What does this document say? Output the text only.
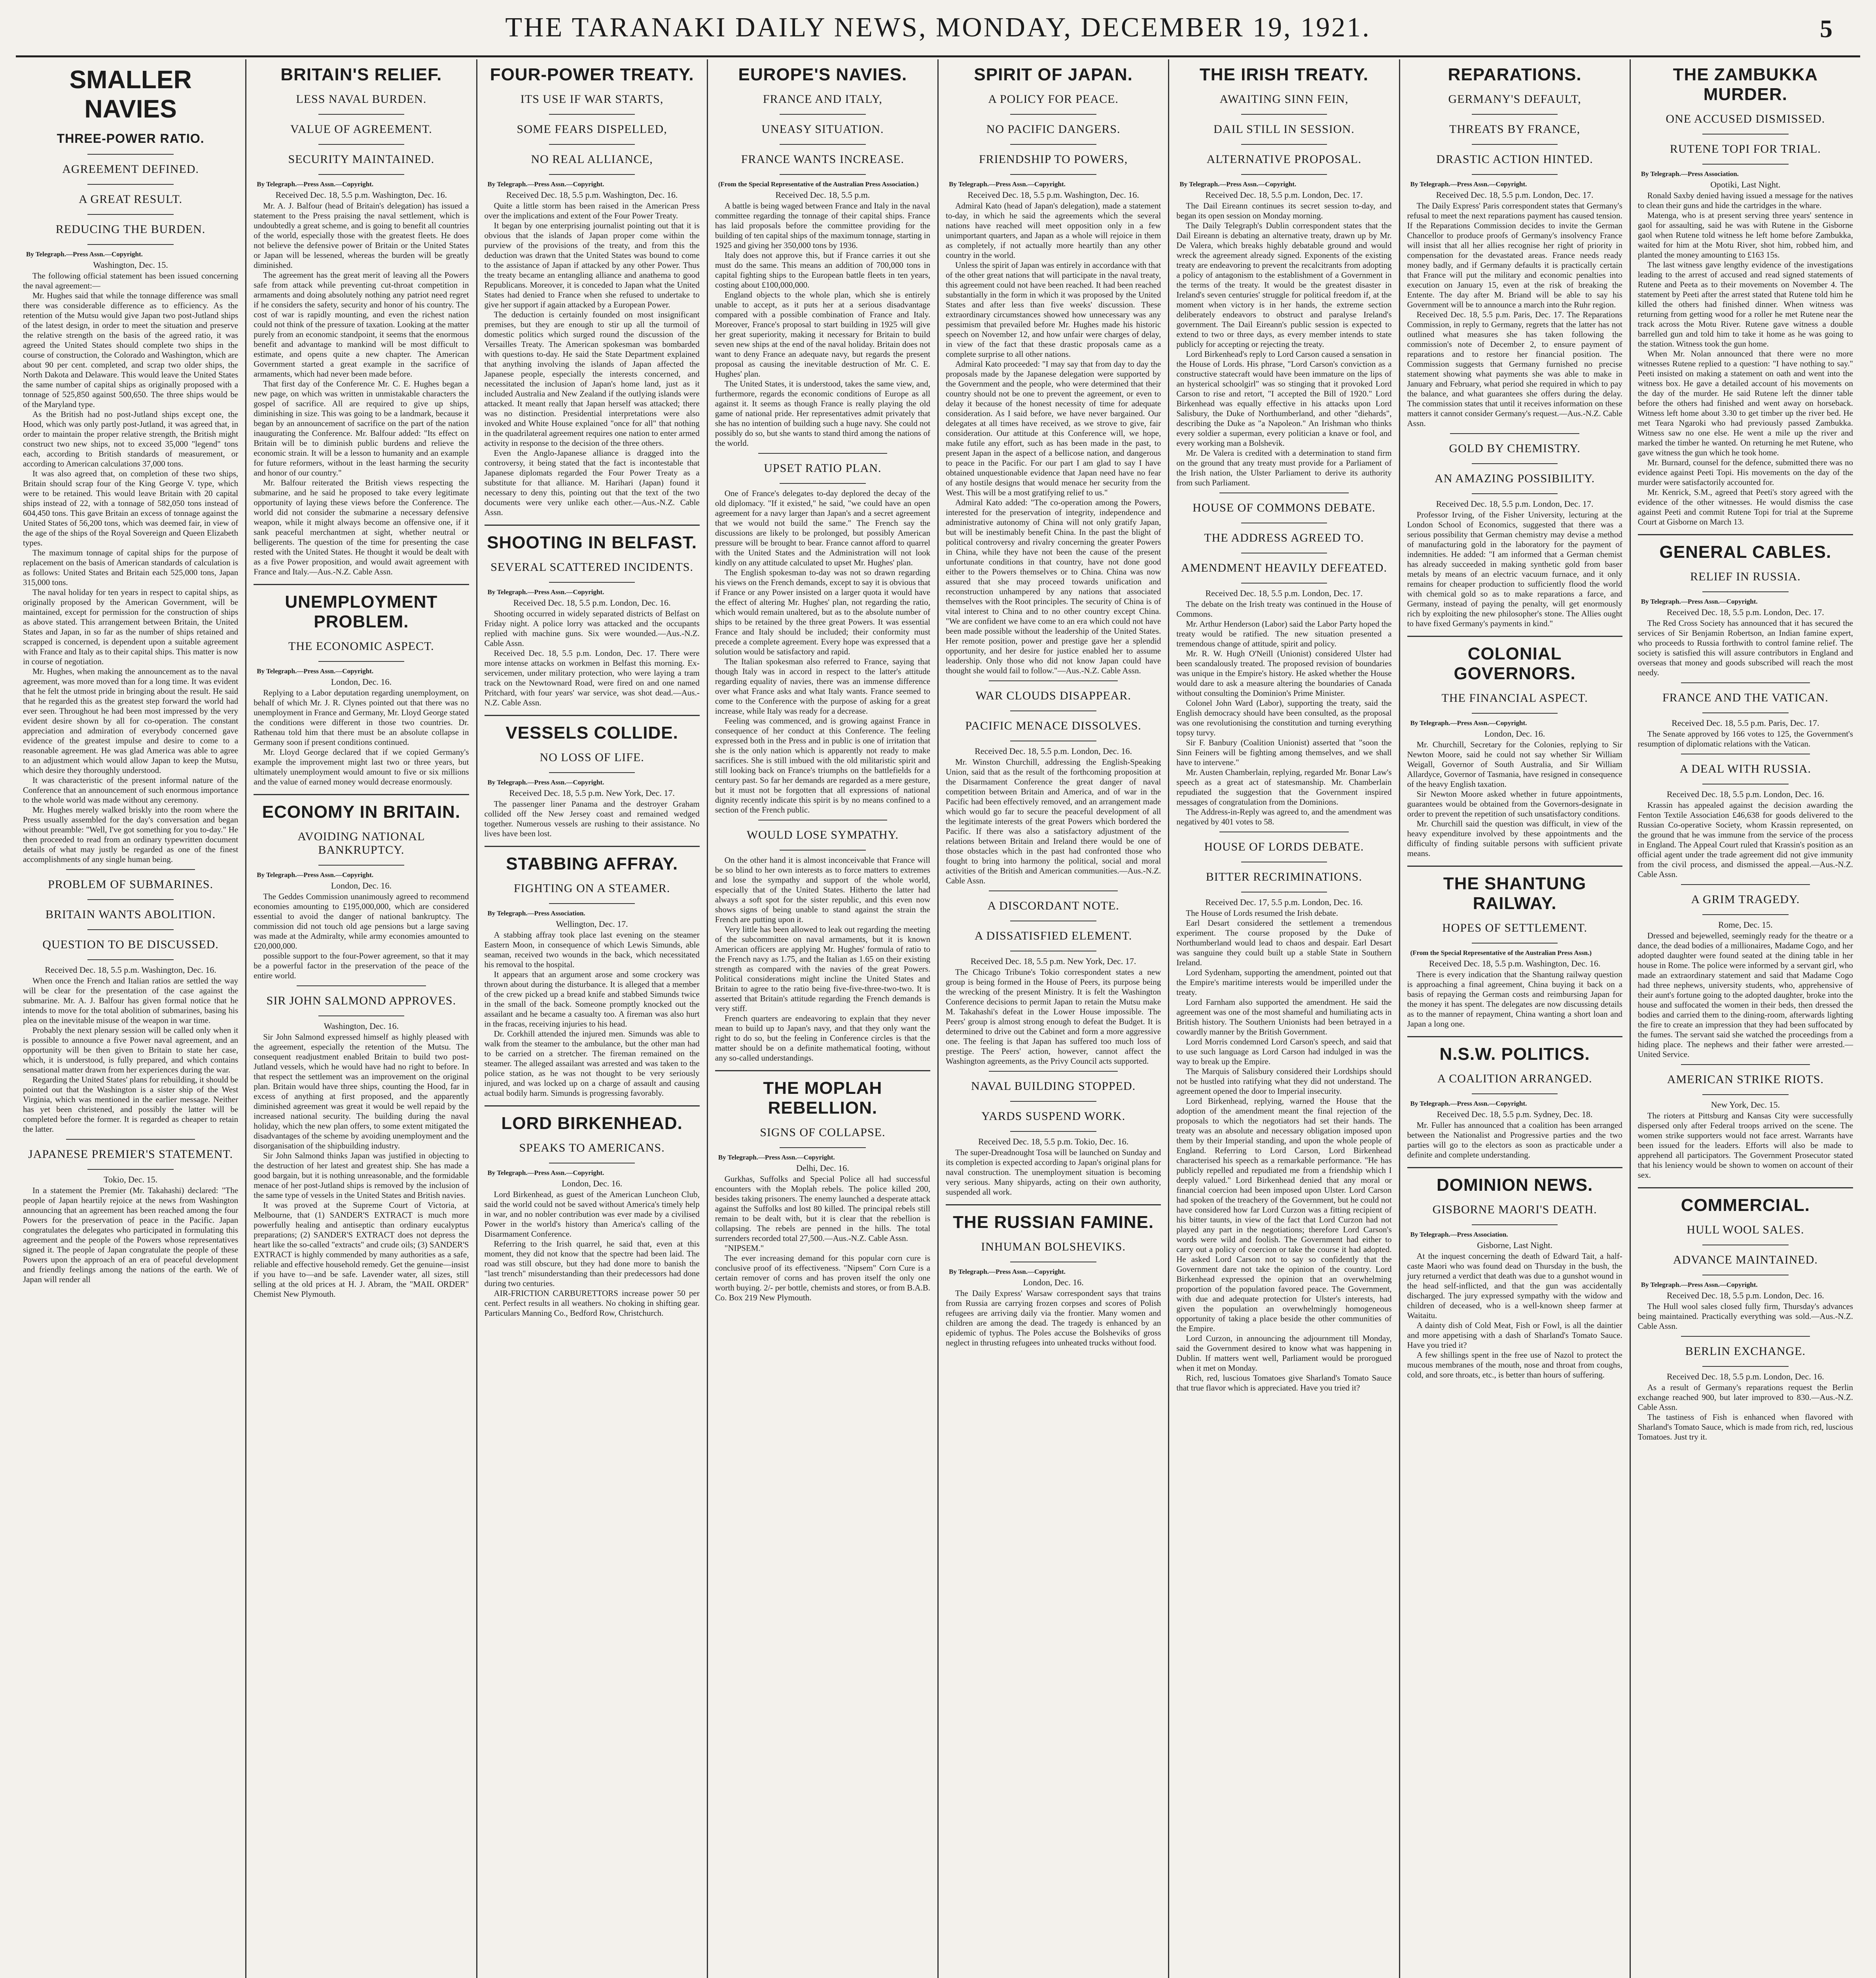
THE TARANAKI DAILY NEWS, MONDAY, DECEMBER 19, 1921.	5
SMALLER NAVIES
THREE-POWER RATIO.
AGREEMENT DEFINED.
A GREAT RESULT.
REDUCING THE BURDEN.
By Telegraph.—Press Assn.—Copyright.
Washington, Dec. 15.

The following official statement has been issued concerning the naval agreement:—

Mr. Hughes said that while the tonnage difference was small there was considerable difference as to efficiency. As the retention of the Mutsu would give Japan two post-Jutland ships of the latest design, in order to meet the situation and preserve the relative strength on the basis of the agreed ratio, it was agreed the United States should complete two ships in the course of construction, the Colorado and Washington, which are about 90 per cent. completed, and scrap two older ships, the North Dakota and Delaware. This would leave the United States the same number of capital ships as originally proposed with a tonnage of 525,850 against 500,650. The three ships would be of the Maryland type.

As the British had no post-Jutland ships except one, the Hood, which was only partly post-Jutland, it was agreed that, in order to maintain the proper relative strength, the British might construct two new ships, not to exceed 35,000 "legend" tons each, according to British standards of measurement, or according to American calculations 37,000 tons.

It was also agreed that, on completion of these two ships, Britain should scrap four of the King George V. type, which were to be retained. This would leave Britain with 20 capital ships instead of 22, with a tonnage of 582,050 tons instead of 604,450 tons. This gave Britain an excess of tonnage against the United States of 56,200 tons, which was deemed fair, in view of the age of the ships of the Royal Sovereign and Queen Elizabeth types.

The maximum tonnage of capital ships for the purpose of replacement on the basis of American standards of calculation is as follows: United States and Britain each 525,000 tons, Japan 315,000 tons.

The naval holiday for ten years in respect to capital ships, as originally proposed by the American Government, will be maintained, except for permission for the construction of ships as above stated. This arrangement between Britain, the United States and Japan, in so far as the number of ships retained and scrapped is concerned, is dependent upon a suitable agreement with France and Italy as to their capital ships. This matter is now in course of negotiation.

Mr. Hughes, when making the announcement as to the naval agreement, was more moved than for a long time. It was evident that he felt the utmost pride in bringing about the result. He said that he regarded this as the greatest step forward the world had ever seen. Throughout he had been most impressed by the very evident desire shown by all for co-operation. The constant appreciation and admiration of everybody concerned gave evidence of the greatest impulse and desire to come to a reasonable agreement. He was glad America was able to agree to an adjustment which would allow Japan to keep the Mutsu, which desire they thoroughly understood.

It was characteristic of the present informal nature of the Conference that an announcement of such enormous importance to the whole world was made without any ceremony.

Mr. Hughes merely walked briskly into the room where the Press usually assembled for the day's conversation and began without preamble: "Well, I've got something for you to-day." He then proceeded to read from an ordinary typewritten document details of what may justly be regarded as one of the finest accomplishments of any single human being.

PROBLEM OF SUBMARINES.
BRITAIN WANTS ABOLITION.
QUESTION TO BE DISCUSSED.
Received Dec. 18, 5.5 p.m. Washington, Dec. 16.

When once the French and Italian ratios are settled the way will be clear for the presentation of the case against the submarine. Mr. A. J. Balfour has given formal notice that he intends to move for the total abolition of submarines, basing his plea on the inevitable misuse of the weapon in war time.

Probably the next plenary session will be called only when it is possible to announce a five Power naval agreement, and an opportunity will be then given to Britain to state her case, which, it is understood, is fully prepared, and which contains sensational matter drawn from her experiences during the war.

Regarding the United States' plans for rebuilding, it should be pointed out that the Washington is a sister ship of the West Virginia, which was mentioned in the earlier message. Neither has yet been christened, and possibly the latter will be completed before the former. It is regarded as cheaper to retain the latter.

JAPANESE PREMIER'S STATEMENT.
Tokio, Dec. 15.

In a statement the Premier (Mr. Takahashi) declared: "The people of Japan heartily rejoice at the news from Washington announcing that an agreement has been reached among the four Powers for the preservation of peace in the Pacific. Japan congratulates the delegates who participated in formulating this agreement and the people of the Powers whose representatives signed it. The people of Japan congratulate the people of these Powers upon the approach of an era of peaceful development and friendly feelings among the nations of the earth. We of Japan will render all

BRITAIN'S RELIEF.
LESS NAVAL BURDEN.
VALUE OF AGREEMENT.
SECURITY MAINTAINED.
By Telegraph.—Press Assn.—Copyright.
Received Dec. 18, 5.5 p.m. Washington, Dec. 16.

Mr. A. J. Balfour (head of Britain's delegation) has issued a statement to the Press praising the naval settlement, which is undoubtedly a great scheme, and is going to benefit all countries of the world, especially those with the greatest fleets. He does not believe the defensive power of Britain or the United States or Japan will be lessened, whereas the burden will be greatly diminished.

The agreement has the great merit of leaving all the Powers safe from attack while preventing cut-throat competition in armaments and doing absolutely nothing any patriot need regret if he considers the safety, security and honor of his country. The cost of war is rapidly mounting, and even the richest nation could not think of the pressure of taxation. Looking at the matter purely from an economic standpoint, it seems that the enormous benefit and advantage to mankind will be most difficult to estimate, and opens quite a new chapter. The American Government started a great example in the sacrifice of armaments, which had never been made before.

That first day of the Conference Mr. C. E. Hughes began a new page, on which was written in unmistakable characters the gospel of sacrifice. All are required to give up ships, diminishing in size. This was going to be a landmark, because it began by an announcement of sacrifice on the part of the nation inaugurating the Conference. Mr. Balfour added: "Its effect on Britain will be to diminish public burdens and relieve the economic strain. It will be a lesson to humanity and an example for future reformers, without in the least harming the security and honor of our country."

Mr. Balfour reiterated the British views respecting the submarine, and he said he proposed to take every legitimate opportunity of laying these views before the Conference. The world did not consider the submarine a necessary defensive weapon, while it might always become an offensive one, if it sank peaceful merchantmen at sight, whether neutral or belligerents. The question of the time for presenting the case rested with the United States. He thought it would be dealt with as a five Power proposition, and would await agreement with France and Italy.—Aus.-N.Z. Cable Assn.

UNEMPLOYMENT PROBLEM.
THE ECONOMIC ASPECT.
By Telegraph.—Press Assn.—Copyright.
London, Dec. 16.

Replying to a Labor deputation regarding unemployment, on behalf of which Mr. J. R. Clynes pointed out that there was no unemployment in France and Germany, Mr. Lloyd George stated the conditions were different in those two countries. Dr. Rathenau told him that there must be an absolute collapse in Germany soon if present conditions continued.

Mr. Lloyd George declared that if we copied Germany's example the improvement might last two or three years, but ultimately unemployment would amount to five or six millions and the value of earned money would decrease enormously.

ECONOMY IN BRITAIN.
AVOIDING NATIONAL BANKRUPTCY.
By Telegraph.—Press Assn.—Copyright.
London, Dec. 16.

The Geddes Commission unanimously agreed to recommend economies amounting to £195,000,000, which are considered essential to avoid the danger of national bankruptcy. The commission did not touch old age pensions but a large saving was made at the Admiralty, while army economies amounted to £20,000,000.

possible support to the four-Power agreement, so that it may be a powerful factor in the preservation of the peace of the entire world.

SIR JOHN SALMOND APPROVES.
Washington, Dec. 16.

Sir John Salmond expressed himself as highly pleased with the agreement, especially the retention of the Mutsu. The consequent readjustment enabled Britain to build two post-Jutland vessels, which he would have had no right to before. In that respect the settlement was an improvement on the original plan. Britain would have three ships, counting the Hood, far in excess of anything at first proposed, and the apparently diminished agreement was great it would be well repaid by the increased national security. The building during the naval holiday, which the new plan offers, to some extent mitigated the disadvantages of the scheme by avoiding unemployment and the disorganisation of the shipbuilding industry.

Sir John Salmond thinks Japan was justified in objecting to the destruction of her latest and greatest ship. She has made a good bargain, but it is nothing unreasonable, and the formidable menace of her post-Jutland ships is removed by the inclusion of the same type of vessels in the United States and British navies.

It was proved at the Supreme Court of Victoria, at Melbourne, that (1) SANDER'S EXTRACT is much more powerfully healing and antiseptic than ordinary eucalyptus preparations; (2) SANDER'S EXTRACT does not depress the heart like the so-called "extracts" and crude oils; (3) SANDER'S EXTRACT is highly commended by many authorities as a safe, reliable and effective household remedy. Get the genuine—insist if you have to—and be safe. Lavender water, all sizes, still selling at the old prices at H. J. Abram, the "MAIL ORDER" Chemist New Plymouth.

FOUR-POWER TREATY.
ITS USE IF WAR STARTS,
SOME FEARS DISPELLED,
NO REAL ALLIANCE,
By Telegraph.—Press Assn.—Copyright.
Received Dec. 18, 5.5 p.m. Washington, Dec. 16.

Quite a little storm has been raised in the American Press over the implications and extent of the Four Power Treaty.

It began by one enterprising journalist pointing out that it is obvious that the islands of Japan proper come within the purview of the provisions of the treaty, and from this the deduction was drawn that the United States was bound to come to the assistance of Japan if attacked by any other Power. Thus the treaty became an entangling alliance and anathema to good Republicans. Moreover, it is conceded to Japan what the United States had denied to France when she refused to undertake to give her support if again attacked by a European Power.

The deduction is certainly founded on most insignificant premises, but they are enough to stir up all the turmoil of domestic politics which surged round the discussion of the Versailles Treaty. The American spokesman was bombarded with questions to-day. He said the State Department explained that anything involving the islands of Japan affected the Japanese people, especially the interests concerned, and necessitated the inclusion of Japan's home land, just as it included Australia and New Zealand if the outlying islands were attacked. It meant really that Japan herself was attacked; there was no distinction. Presidential interpretations were also invoked and White House explained "once for all" that nothing in the quadrilateral agreement requires one nation to enter armed activity in response to the decision of the three others.

Even the Anglo-Japanese alliance is dragged into the controversy, it being stated that the fact is incontestable that Japanese diplomats regarded the Four Power Treaty as a substitute for that alliance. M. Harihari (Japan) found it necessary to deny this, pointing out that the text of the two documents were very unlike each other.—Aus.-N.Z. Cable Assn.

SHOOTING IN BELFAST.
SEVERAL SCATTERED INCIDENTS.
By Telegraph.—Press Assn.—Copyright.
Received Dec. 18, 5.5 p.m. London, Dec. 16.

Shooting occurred in widely separated districts of Belfast on Friday night. A police lorry was attacked and the occupants replied with machine guns. Six were wounded.—Aus.-N.Z. Cable Assn.

Received Dec. 18, 5.5 p.m. London, Dec. 17. There were more intense attacks on workmen in Belfast this morning. Ex-servicemen, under military protection, who were laying a tram track on the Newtownard Road, were fired on and one named Pritchard, with four years' war service, was shot dead.—Aus.-N.Z. Cable Assn.

VESSELS COLLIDE.
NO LOSS OF LIFE.
By Telegraph.—Press Assn.—Copyright.
Received Dec. 18, 5.5 p.m. New York, Dec. 17.

The passenger liner Panama and the destroyer Graham collided off the New Jersey coast and remained wedged together. Numerous vessels are rushing to their assistance. No lives have been lost.

STABBING AFFRAY.
FIGHTING ON A STEAMER.
By Telegraph.—Press Association.
Wellington, Dec. 17.

A stabbing affray took place last evening on the steamer Eastern Moon, in consequence of which Lewis Simunds, able seaman, received two wounds in the back, which necessitated his removal to the hospital.

It appears that an argument arose and some crockery was thrown about during the disturbance. It is alleged that a member of the crew picked up a bread knife and stabbed Simunds twice in the small of the back. Someone promptly knocked out the assailant and he became a casualty too. A fireman was also hurt in the fracas, receiving injuries to his head.

Dr. Corkhill attended the injured men. Simunds was able to walk from the steamer to the ambulance, but the other man had to be carried on a stretcher. The fireman remained on the steamer. The alleged assailant was arrested and was taken to the police station, as he was not thought to be very seriously injured, and was locked up on a charge of assault and causing actual bodily harm. Simunds is progressing favorably.

LORD BIRKENHEAD.
SPEAKS TO AMERICANS.
By Telegraph.—Press Assn.—Copyright.
London, Dec. 16.

Lord Birkenhead, as guest of the American Luncheon Club, said the world could not be saved without America's timely help in war, and no nobler contribution was ever made by a civilised Power in the world's history than America's calling of the Disarmament Conference.

Referring to the Irish quarrel, he said that, even at this moment, they did not know that the spectre had been laid. The road was still obscure, but they had done more to banish the "last trench" misunderstanding than their predecessors had done during two centuries.

AIR-FRICTION CARBURETTORS increase power 50 per cent. Perfect results in all weathers. No choking in shifting gear. Particulars Manning Co., Bedford Row, Christchurch.

EUROPE'S NAVIES.
FRANCE AND ITALY,
UNEASY SITUATION.
FRANCE WANTS INCREASE.
(From the Special Representative of the Australian Press Association.)
Received Dec. 18, 5.5 p.m.

A battle is being waged between France and Italy in the naval committee regarding the tonnage of their capital ships. France has laid proposals before the committee providing for the building of ten capital ships of the maximum tonnage, starting in 1925 and giving her 350,000 tons by 1936.

Italy does not approve this, but if France carries it out she must do the same. This means an addition of 700,000 tons in capital fighting ships to the European battle fleets in ten years, costing about £100,000,000.

England objects to the whole plan, which she is entirely unable to accept, as it puts her at a serious disadvantage compared with a possible combination of France and Italy. Moreover, France's proposal to start building in 1925 will give her great superiority, making it necessary for Britain to build seven new ships at the end of the naval holiday. Britain does not want to deny France an adequate navy, but regards the present proposal as causing the inevitable destruction of Mr. C. E. Hughes' plan.

The United States, it is understood, takes the same view, and, furthermore, regards the economic conditions of Europe as all against it. It seems as though France is really playing the old game of national pride. Her representatives admit privately that she has no intention of building such a huge navy. She could not possibly do so, but she wants to stand third among the nations of the world.

UPSET RATIO PLAN.

One of France's delegates to-day deplored the decay of the old diplomacy. "If it existed," he said, "we could have an open agreement for a navy larger than Japan's and a secret agreement that we would not build the same." The French say the discussions are likely to be prolonged, but possibly American pressure will be brought to bear. France cannot afford to quarrel with the United States and the Administration will not look kindly on any attitude calculated to upset Mr. Hughes' plan.

The English spokesman to-day was not so drawn regarding his views on the French demands, except to say it is obvious that if France or any Power insisted on a larger quota it would have the effect of altering Mr. Hughes' plan, not regarding the ratio, which would remain unaltered, but as to the absolute number of ships to be retained by the three great Powers. It was essential France and Italy should be included; their conformity must precede a complete agreement. Every hope was expressed that a solution would be satisfactory and rapid.

The Italian spokesman also referred to France, saying that though Italy was in accord in respect to the latter's attitude regarding equality of navies, there was an immense difference over what France asks and what Italy wants. France seemed to come to the Conference with the purpose of asking for a great increase, while Italy was ready for a decrease.

Feeling was commenced, and is growing against France in consequence of her conduct at this Conference. The feeling expressed both in the Press and in public is one of irritation that she is the only nation which is apparently not ready to make sacrifices. She is still imbued with the old militaristic spirit and still looking back on France's triumphs on the battlefields for a century past. So far her demands are regarded as a mere gesture, but it must not be forgotten that all expressions of national dignity recently indicate this spirit is by no means confined to a section of the French public.

WOULD LOSE SYMPATHY.

On the other hand it is almost inconceivable that France will be so blind to her own interests as to force matters to extremes and lose the sympathy and support of the whole world, especially that of the United States. Hitherto the latter had always a soft spot for the sister republic, and this even now shows signs of being unable to stand against the strain the French are putting upon it.

Very little has been allowed to leak out regarding the meeting of the subcommittee on naval armaments, but it is known American officers are applying Mr. Hughes' formula of ratio to the French navy as 1.75, and the Italian as 1.65 on their existing strength as compared with the navies of the great Powers. Political considerations might incline the United States and Britain to agree to the ratio being five-five-three-two-two. It is asserted that Britain's attitude regarding the French demands is very stiff.

French quarters are endeavoring to explain that they never mean to build up to Japan's navy, and that they only want the right to do so, but the feeling in Conference circles is that the matter should be on a definite mathematical footing, without any so-called understandings.

THE MOPLAH REBELLION.
SIGNS OF COLLAPSE.
By Telegraph.—Press Assn.—Copyright.
Delhi, Dec. 16.

Gurkhas, Suffolks and Special Police all had successful encounters with the Moplah rebels. The police killed 200, besides taking prisoners. The enemy launched a desperate attack against the Suffolks and lost 80 killed. The principal rebels still remain to be dealt with, but it is clear that the rebellion is collapsing. The rebels are penned in the hills. The total surrenders recorded total 27,500.—Aus.-N.Z. Cable Assn.

"NIPSEM."

The ever increasing demand for this popular corn cure is conclusive proof of its effectiveness. "Nipsem" Corn Cure is a certain remover of corns and has proven itself the only one worth buying. 2/- per bottle, chemists and stores, or from B.A.B. Co. Box 219 New Plymouth.

SPIRIT OF JAPAN.
A POLICY FOR PEACE.
NO PACIFIC DANGERS.
FRIENDSHIP TO POWERS,
By Telegraph.—Press Assn.—Copyright.
Received Dec. 18, 5.5 p.m. Washington, Dec. 16.

Admiral Kato (head of Japan's delegation), made a statement to-day, in which he said the agreements which the several nations have reached will meet opposition only in a few unimportant quarters, and Japan as a whole will rejoice in them as completely, if not actually more heartily than any other country in the world.

Unless the spirit of Japan was entirely in accordance with that of the other great nations that will participate in the naval treaty, this agreement could not have been reached. It had been reached substantially in the form in which it was proposed by the United States and after less than five weeks' discussion. These extraordinary circumstances showed how unnecessary was any pessimism that prevailed before Mr. Hughes made his historic speech on November 12, and how unfair were charges of delay, in view of the fact that these drastic proposals came as a complete surprise to all other nations.

Admiral Kato proceeded: "I may say that from day to day the proposals made by the Japanese delegation were supported by the Government and the people, who were determined that their country should not be one to prevent the agreement, or even to delay it because of the honest necessity of time for adequate consideration. As I said before, we have never bargained. Our delegates at all times have received, as we strove to give, fair consideration. Our attitude at this Conference will, we hope, make futile any effort, such as has been made in the past, to present Japan in the aspect of a bellicose nation, and dangerous to peace in the Pacific. For our part I am glad to say I have obtained unquestionable evidence that Japan need have no fear of any hostile designs that would menace her security from the West. This will be a most gratifying relief to us."

Admiral Kato added: "The co-operation among the Powers, interested for the preservation of integrity, independence and administrative autonomy of China will not only gratify Japan, but will be inestimably benefit China. In the past the blight of political controversy and rivalry concerning the greater Powers in China, while they have not been the cause of the present unfortunate conditions in that country, have not done good either to the Powers themselves or to China. China was now assured that she may proceed towards unification and reconstruction unhampered by any nations that associated themselves with the Root principles. The security of China is of vital interest to China and to no other country except China. "We are confident we have come to an era which could not have been made possible without the leadership of the United States. Her remote position, power and prestige gave her a splendid opportunity, and her desire for justice enabled her to assume leadership. Only those who did not know Japan could have thought she would fail to follow."—Aus.-N.Z. Cable Assn.

WAR CLOUDS DISAPPEAR.
PACIFIC MENACE DISSOLVES.
Received Dec. 18, 5.5 p.m. London, Dec. 16.

Mr. Winston Churchill, addressing the English-Speaking Union, said that as the result of the forthcoming proposition at the Disarmament Conference the great danger of naval competition between Britain and America, and of war in the Pacific had been effectively removed, and an arrangement made which would go far to secure the peaceful development of all the legitimate interests of the great Powers which bordered the Pacific. If there was also a satisfactory adjustment of the relations between Britain and Ireland there would be one of those obstacles which in the past had confronted those who fought to bring into harmony the political, social and moral activities of the British and American communities.—Aus.-N.Z. Cable Assn.

A DISCORDANT NOTE.
A DISSATISFIED ELEMENT.
Received Dec. 18, 5.5 p.m. New York, Dec. 17.

The Chicago Tribune's Tokio correspondent states a new group is being formed in the House of Peers, its purpose being the wrecking of the present Ministry. It is felt the Washington Conference decisions to permit Japan to retain the Mutsu make M. Takahashi's defeat in the Lower House impossible. The Peers' group is almost strong enough to defeat the Budget. It is determined to drive out the Cabinet and form a more aggressive one. The feeling is that Japan has suffered too much loss of prestige. The Peers' action, however, cannot affect the Washington agreements, as the Privy Council acts supported.

NAVAL BUILDING STOPPED.
YARDS SUSPEND WORK.
Received Dec. 18, 5.5 p.m. Tokio, Dec. 16.

The super-Dreadnought Tosa will be launched on Sunday and its completion is expected according to Japan's original plans for naval construction. The unemployment situation is becoming very serious. Many shipyards, acting on their own authority, suspended all work.

THE RUSSIAN FAMINE.
INHUMAN BOLSHEVIKS.
By Telegraph.—Press Assn.—Copyright.
London, Dec. 16.

The Daily Express' Warsaw correspondent says that trains from Russia are carrying frozen corpses and scores of Polish refugees are arriving daily via the frontier. Many women and children are among the dead. The tragedy is enhanced by an epidemic of typhus. The Poles accuse the Bolsheviks of gross neglect in thrusting refugees into unheated trucks without food.

THE IRISH TREATY.
AWAITING SINN FEIN,
DAIL STILL IN SESSION.
ALTERNATIVE PROPOSAL.
By Telegraph.—Press Assn.—Copyright.
Received Dec. 18, 5.5 p.m. London, Dec. 17.

The Dail Eireann continues its secret session to-day, and began its open session on Monday morning.

The Daily Telegraph's Dublin correspondent states that the Dail Eireann is debating an alternative treaty, drawn up by Mr. De Valera, which breaks highly debatable ground and would wreck the agreement already signed. Exponents of the existing treaty are endeavoring to prevent the recalcitrants from adopting a policy of antagonism to the establishment of a Government in the terms of the treaty. It would be the greatest disaster in Ireland's seven centuries' struggle for political freedom if, at the moment when victory is in her hands, the extreme section deliberately endeavors to obstruct and paralyse Ireland's government. The Dail Eireann's public session is expected to extend to two or three days, as every member intends to state publicly for accepting or rejecting the treaty.

Lord Birkenhead's reply to Lord Carson caused a sensation in the House of Lords. His phrase, "Lord Carson's conviction as a constructive statecraft would have been immature on the lips of an hysterical schoolgirl" was so stinging that it provoked Lord Carson to rise and retort, "I accepted the Bill of 1920." Lord Birkenhead was equally effective in his attacks upon Lord Salisbury, the Duke of Northumberland, and other "diehards", describing the Duke as "a Napoleon." An Irishman who thinks every soldier a superman, every politician a knave or fool, and every working man a Bolshevik.

Mr. De Valera is credited with a determination to stand firm on the ground that any treaty must provide for a Parliament of the Irish nation, the Ulster Parliament to derive its authority from such Parliament.

HOUSE OF COMMONS DEBATE.
THE ADDRESS AGREED TO.
AMENDMENT HEAVILY DEFEATED.
Received Dec. 18, 5.5 p.m. London, Dec. 17.

The debate on the Irish treaty was continued in the House of Commons.

Mr. Arthur Henderson (Labor) said the Labor Party hoped the treaty would be ratified. The new situation presented a tremendous change of attitude, spirit and policy.

Mr. R. W. Hugh O'Neill (Unionist) considered Ulster had been scandalously treated. The proposed revision of boundaries was unique in the Empire's history. He asked whether the House would dare to ask a measure altering the boundaries of Canada without consulting the Dominion's Prime Minister.

Colonel John Ward (Labor), supporting the treaty, said the English democracy should have been consulted, as the proposal was one revolutionising the constitution and turning everything topsy turvy.

Sir F. Banbury (Coalition Unionist) asserted that "soon the Sinn Feiners will be fighting among themselves, and we shall have to intervene."

Mr. Austen Chamberlain, replying, regarded Mr. Bonar Law's speech as a great act of statesmanship. Mr. Chamberlain repudiated the suggestion that the Government inspired messages of congratulation from the Dominions.

The Address-in-Reply was agreed to, and the amendment was negatived by 401 votes to 58.

HOUSE OF LORDS DEBATE.
BITTER RECRIMINATIONS.
Received Dec. 17, 5.5 p.m. London, Dec. 16.

The House of Lords resumed the Irish debate.

Earl Desart considered the settlement a tremendous experiment. The course proposed by the Duke of Northumberland would lead to chaos and despair. Earl Desart was sanguine they could built up a stable State in Southern Ireland.

Lord Sydenham, supporting the amendment, pointed out that the Empire's maritime interests would be imperilled under the treaty.

Lord Farnham also supported the amendment. He said the agreement was one of the most shameful and humiliating acts in British history. The Southern Unionists had been betrayed in a cowardly manner by the British Government.

Lord Morris condemned Lord Carson's speech, and said that to use such language as Lord Carson had indulged in was the way to break up the Empire.

The Marquis of Salisbury considered their Lordships should not be hustled into ratifying what they did not understand. The agreement opened the door to Imperial insecurity.

Lord Birkenhead, replying, warned the House that the adoption of the amendment meant the final rejection of the proposals to which the negotiators had set their hands. The treaty was an absolute and necessary obligation imposed upon them by their Imperial standing, and upon the whole people of England. Referring to Lord Carson, Lord Birkenhead characterised his speech as a remarkable performance. "He has publicly repelled and repudiated me from a friendship which I deeply valued." Lord Birkenhead denied that any moral or financial coercion had been imposed upon Ulster. Lord Carson had spoken of the treachery of the Government, but he could not have considered how far Lord Curzon was a fitting recipient of his bitter taunts, in view of the fact that Lord Curzon had not played any part in the negotiations; therefore Lord Carson's words were wild and foolish. The Government had either to carry out a policy of coercion or take the course it had adopted. He asked Lord Carson not to say so confidently that the Government dare not take the opinion of the country. Lord Birkenhead expressed the opinion that an overwhelming proportion of the population favored peace. The Government, with due and adequate protection for Ulster's interests, had given the population an overwhelmingly homogeneous opportunity of taking a place beside the other communities of the Empire.

Lord Curzon, in announcing the adjournment till Monday, said the Government desired to know what was happening in Dublin. If matters went well, Parliament would be prorogued when it met on Monday.

Rich, red, luscious Tomatoes give Sharland's Tomato Sauce that true flavor which is appreciated. Have you tried it?

REPARATIONS.
GERMANY'S DEFAULT,
THREATS BY FRANCE,
DRASTIC ACTION HINTED.
By Telegraph.—Press Assn.—Copyright.
Received Dec. 18, 5.5 p.m. London, Dec. 17.

The Daily Express' Paris correspondent states that Germany's refusal to meet the next reparations payment has caused tension. If the Reparations Commission decides to invite the German Chancellor to produce proofs of Germany's insolvency France will insist that all her allies recognise her right of priority in compensation for the devastated areas. France needs ready money badly, and if Germany defaults it is practically certain that France will put the military and economic penalties into execution on January 15, even at the risk of breaking the Entente. The day after M. Briand will be able to say his Government will be to announce a march into the Ruhr region.

Received Dec. 18, 5.5 p.m. Paris, Dec. 17. The Reparations Commission, in reply to Germany, regrets that the latter has not outlined what measures she has taken following the commission's note of December 2, to ensure payment of reparations and to restore her financial position. The Commission suggests that Germany furnished no precise statement showing what payments she was able to make in January and February, what period she required in which to pay the balance, and what guarantees she offers during the delay. The commission states that until it receives information on these matters it cannot consider Germany's request.—Aus.-N.Z. Cable Assn.

GOLD BY CHEMISTRY.
AN AMAZING POSSIBILITY.
Received Dec. 18, 5.5 p.m. London, Dec. 17.

Professor Irving, of the Fisher University, lecturing at the London School of Economics, suggested that there was a serious possibility that German chemistry may devise a method of manufacturing gold in the laboratory for the payment of indemnities. He added: "I am informed that a German chemist has already succeeded in making synthetic gold from baser metals by means of an electric vacuum furnace, and it only remains for cheaper production to sufficiently flood the world with chemical gold so as to make reparations a farce, and Germany, instead of paying the penalty, will get enormously rich by exploiting the new philosopher's stone. The Allies ought to have fixed Germany's payments in kind."

COLONIAL GOVERNORS.
THE FINANCIAL ASPECT.
By Telegraph.—Press Assn.—Copyright.
London, Dec. 16.

Mr. Churchill, Secretary for the Colonies, replying to Sir Newton Moore, said he could not say whether Sir William Weigall, Governor of South Australia, and Sir William Allardyce, Governor of Tasmania, have resigned in consequence of the heavy English taxation.

Sir Newton Moore asked whether in future appointments, guarantees would be obtained from the Governors-designate in order to prevent the repetition of such unsatisfactory conditions.

Mr. Churchill said the question was difficult, in view of the heavy expenditure involved by these appointments and the difficulty of finding suitable persons with sufficient private means.

THE SHANTUNG RAILWAY.
HOPES OF SETTLEMENT.
(From the Special Representative of the Australian Press Assn.)
Received Dec. 18, 5.5 p.m. Washington, Dec. 16.

There is every indication that the Shantung railway question is approaching a final agreement, China buying it back on a basis of repaying the German costs and reimbursing Japan for the money it has spent. The delegates are now discussing details as to the manner of repayment, China wanting a short loan and Japan a long one.

N.S.W. POLITICS.
A COALITION ARRANGED.
By Telegraph.—Press Assn.—Copyright.
Received Dec. 18, 5.5 p.m. Sydney, Dec. 18.

Mr. Fuller has announced that a coalition has been arranged between the Nationalist and Progressive parties and the two parties will go to the electors as soon as practicable under a definite and complete understanding.

DOMINION NEWS.
GISBORNE MAORI'S DEATH.
By Telegraph.—Press Association.
Gisborne, Last Night.

At the inquest concerning the death of Edward Tait, a half-caste Maori who was found dead on Thursday in the bush, the jury returned a verdict that death was due to a gunshot wound in the head self-inflicted, and that the gun was accidentally discharged. The jury expressed sympathy with the widow and children of deceased, who is a well-known sheep farmer at Waitaitu.

A dainty dish of Cold Meat, Fish or Fowl, is all the daintier and more appetising with a dash of Sharland's Tomato Sauce. Have you tried it?

A few shillings spent in the free use of Nazol to protect the mucous membranes of the mouth, nose and throat from coughs, cold, and sore throats, etc., is better than hours of suffering.

THE ZAMBUKKA MURDER.
ONE ACCUSED DISMISSED.
RUTENE TOPI FOR TRIAL.
By Telegraph.—Press Association.
Opotiki, Last Night.

Ronald Saxby denied having issued a message for the natives to clean their guns and hide the cartridges in the whare.

Matenga, who is at present serving three years' sentence in gaol for assaulting, said he was with Rutene in the Gisborne gaol when Rutene told witness he left home before Zambukka, waited for him at the Motu River, shot him, robbed him, and planted the money amounting to £163 15s.

The last witness gave lengthy evidence of the investigations leading to the arrest of accused and read signed statements of Rutene and Peeta as to their movements on November 4. The statement by Peeti after the arrest stated that Rutene told him he killed the others had finished dinner. When witness was returning from getting wood for a roller he met Rutene near the track across the Motu River. Rutene gave witness a double barrelled gun and told him to take it home as he was going to the station. Witness took the gun home.

When Mr. Nolan announced that there were no more witnesses Rutene replied to a question: "I have nothing to say." Peeti insisted on making a statement on oath and went into the witness box. He gave a detailed account of his movements on the day of the murder. He said Rutene left the dinner table before the others had finished and went away on horseback. Witness left home about 3.30 to get timber up the river bed. He met Teara Ngaroki who had previously passed Zambukka. Witness saw no one else. He went a mile up the river and marked the timber he wanted. On returning he met Rutene, who gave witness the gun which he took home.

Mr. Burnard, counsel for the defence, submitted there was no evidence against Peeti Topi. His movements on the day of the murder were satisfactorily accounted for.

Mr. Kenrick, S.M., agreed that Peeti's story agreed with the evidence of the other witnesses. He would dismiss the case against Peeti and commit Rutene Topi for trial at the Supreme Court at Gisborne on March 13.

GENERAL CABLES.
RELIEF IN RUSSIA.
By Telegraph.—Press Assn.—Copyright.
Received Dec. 18, 5.5 p.m. London, Dec. 17.

The Red Cross Society has announced that it has secured the services of Sir Benjamin Robertson, an Indian famine expert, who proceeds to Russia forthwith to control famine relief. The society is satisfied this will assure contributors in England and overseas that money and goods subscribed will reach the most needy.

FRANCE AND THE VATICAN.
Received Dec. 18, 5.5 p.m. Paris, Dec. 17.

The Senate approved by 166 votes to 125, the Government's resumption of diplomatic relations with the Vatican.

A DEAL WITH RUSSIA.
Received Dec. 18, 5.5 p.m. London, Dec. 16.

Krassin has appealed against the decision awarding the Fenton Textile Association £46,638 for goods delivered to the Russian Co-operative Society, whom Krassin represented, on the ground that he was immune from the service of the process in England. The Appeal Court ruled that Krassin's position as an official agent under the trade agreement did not give immunity from the civil process, and dismissed the appeal.—Aus.-N.Z. Cable Assn.

A GRIM TRAGEDY.
Rome, Dec. 15.

Dressed and bejewelled, seemingly ready for the theatre or a dance, the dead bodies of a millionaires, Madame Cogo, and her adopted daughter were found seated at the dining table in her house in Rome. The police were informed by a servant girl, who made an extraordinary statement and said that Madame Cogo had three nephews, university students, who, apprehensive of their aunt's fortune going to the adopted daughter, broke into the house and suffocated the women in their beds, then dressed the bodies and carried them to the dining-room, afterwards lighting the fire to create an impression that they had been suffocated by the fumes. The servant said she watched the proceedings from a hiding place. The nephews and their father were arrested.—United Service.

AMERICAN STRIKE RIOTS.
New York, Dec. 15.

The rioters at Pittsburg and Kansas City were successfully dispersed only after Federal troops arrived on the scene. The women strike supporters would not face arrest. Warrants have been issued for the leaders. Efforts will also be made to apprehend all participators. The Government Prosecutor stated that his leniency would be shown to women on account of their sex.

COMMERCIAL.
HULL WOOL SALES.
ADVANCE MAINTAINED.
By Telegraph.—Press Assn.—Copyright.
Received Dec. 18, 5.5 p.m. London, Dec. 16.

The Hull wool sales closed fully firm, Thursday's advances being maintained. Practically everything was sold.—Aus.-N.Z. Cable Assn.

BERLIN EXCHANGE.
Received Dec. 18, 5.5 p.m. London, Dec. 16.

As a result of Germany's reparations request the Berlin exchange reached 900, but later improved to 830.—Aus.-N.Z. Cable Assn.

The tastiness of Fish is enhanced when flavored with Sharland's Tomato Sauce, which is made from rich, red, luscious Tomatoes. Just try it.
